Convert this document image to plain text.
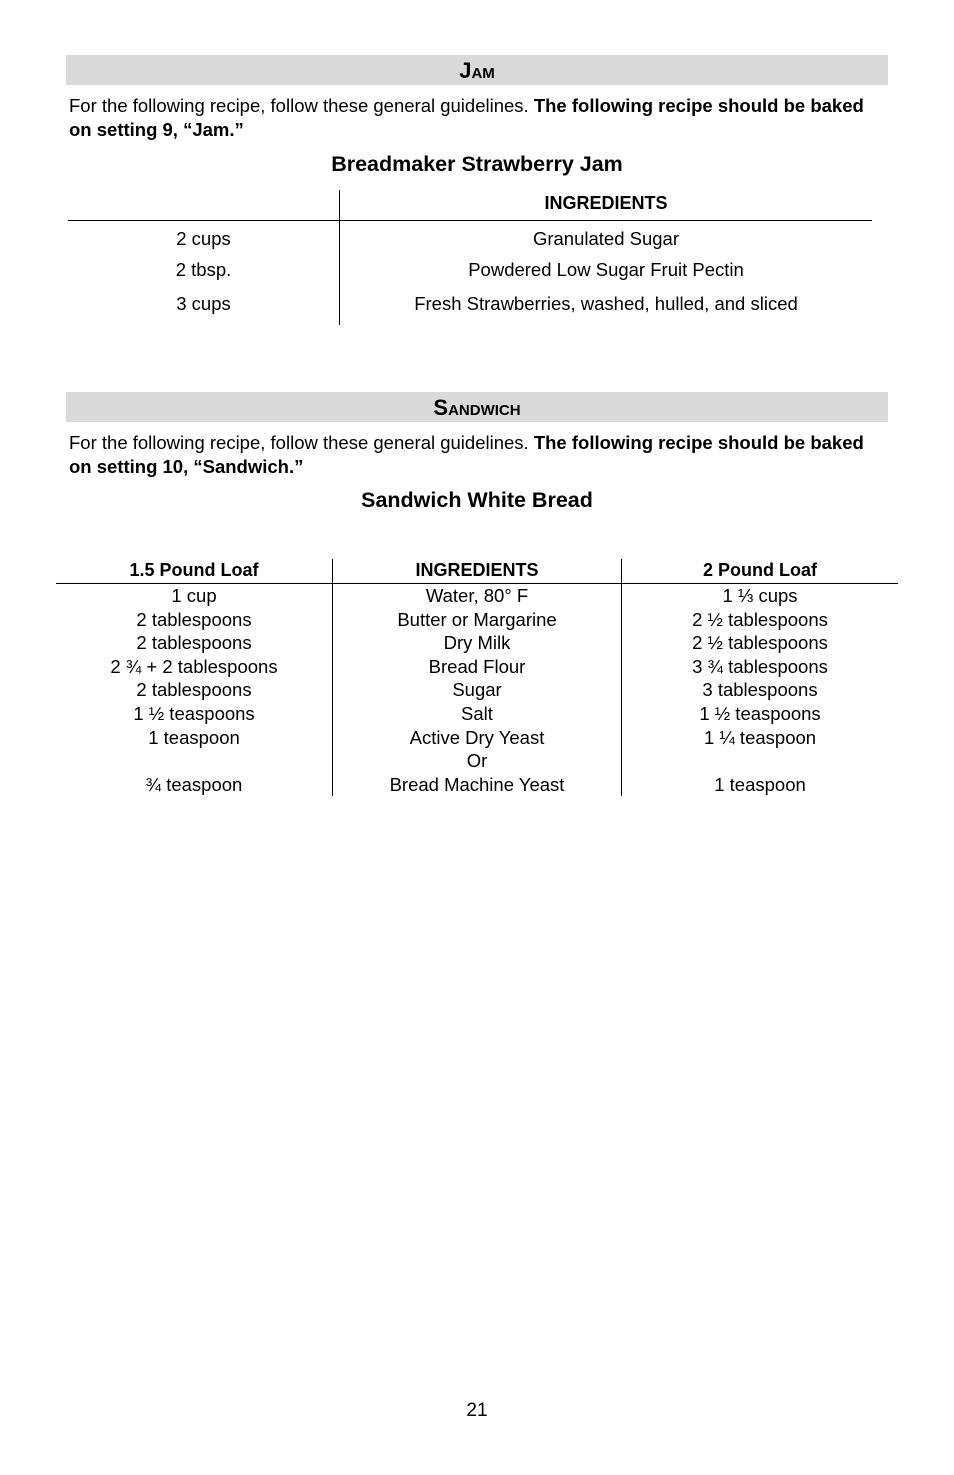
Jam
For the following recipe, follow these general guidelines. The following recipe should be baked on setting 9, “Jam.”
Breadmaker Strawberry Jam
INGREDIENTS
2 cups	Granulated Sugar
2 tbsp.	Powdered Low Sugar Fruit Pectin
3 cups	Fresh Strawberries, washed, hulled, and sliced
Sandwich
For the following recipe, follow these general guidelines. The following recipe should be baked on setting 10, “Sandwich.”
Sandwich White Bread
1.5 Pound Loaf	INGREDIENTS	2 Pound Loaf
1 cup	Water, 80° F	1 ⅓ cups
2 tablespoons	Butter or Margarine	2 ½ tablespoons
2 tablespoons	Dry Milk	2 ½ tablespoons
2 ¾ + 2 tablespoons	Bread Flour	3 ¾ tablespoons
2 tablespoons	Sugar	3 tablespoons
1 ½ teaspoons	Salt	1 ½ teaspoons
1 teaspoon	Active Dry Yeast	1 ¼ teaspoon
Or
¾ teaspoon	Bread Machine Yeast	1 teaspoon
21
